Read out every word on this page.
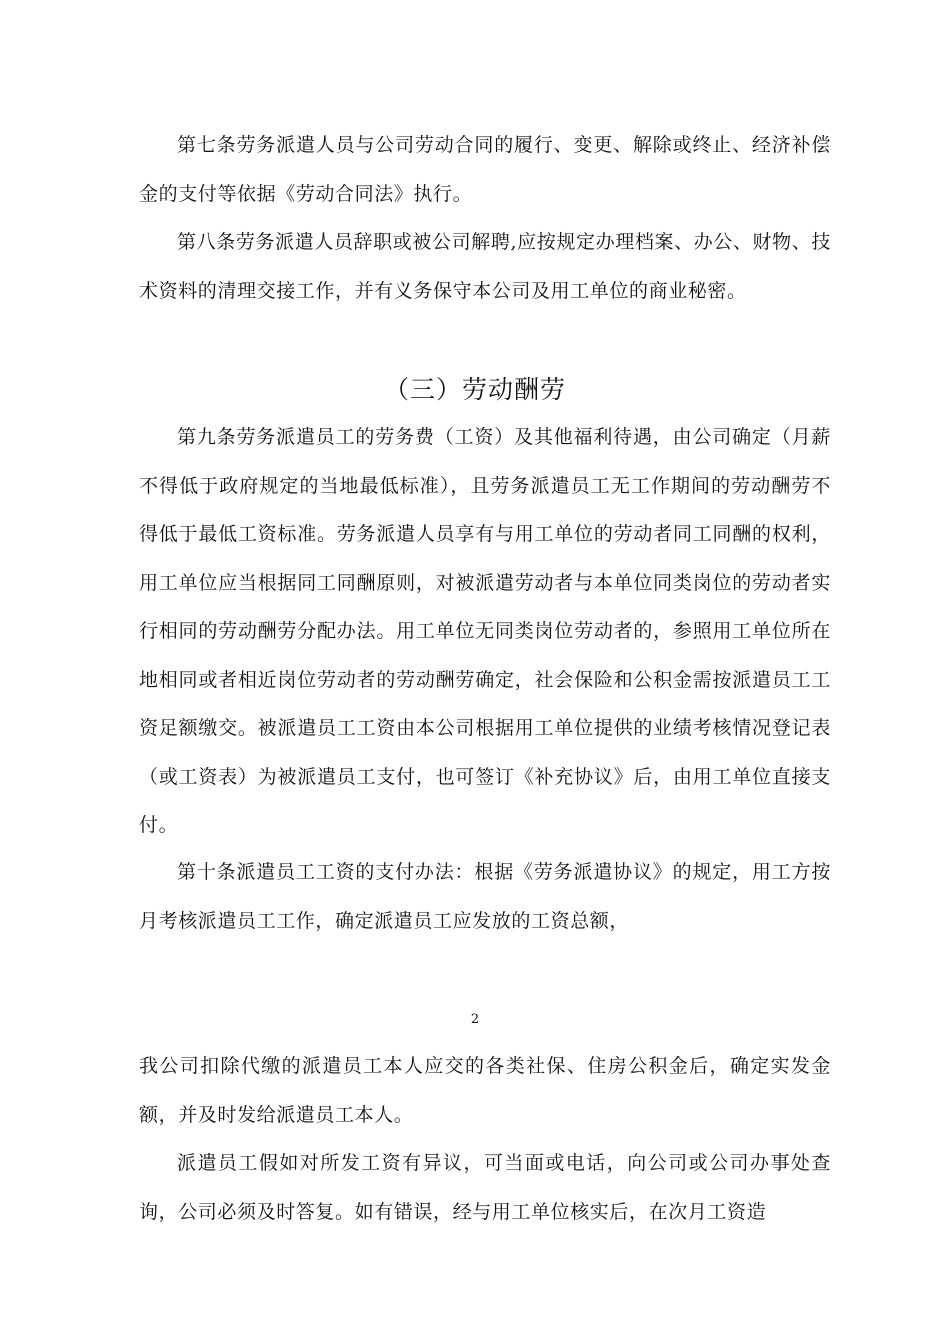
第七条劳务派遣人员与公司劳动合同的履行、变更、解除或终止、经济补偿金的支付等依据《劳动合同法》执行。

第八条劳务派遣人员辞职或被公司解聘,应按规定办理档案、办公、财物、技术资料的清理交接工作，并有义务保守本公司及用工单位的商业秘密。

（三）劳动酬劳

第九条劳务派遣员工的劳务费（工资）及其他福利待遇，由公司确定（月薪不得低于政府规定的当地最低标准），且劳务派遣员工无工作期间的劳动酬劳不得低于最低工资标准。劳务派遣人员享有与用工单位的劳动者同工同酬的权利，用工单位应当根据同工同酬原则，对被派遣劳动者与本单位同类岗位的劳动者实行相同的劳动酬劳分配办法。用工单位无同类岗位劳动者的，参照用工单位所在地相同或者相近岗位劳动者的劳动酬劳确定，社会保险和公积金需按派遣员工工资足额缴交。被派遣员工工资由本公司根据用工单位提供的业绩考核情况登记表（或工资表）为被派遣员工支付，也可签订《补充协议》后，由用工单位直接支付。

第十条派遣员工工资的支付办法：根据《劳务派遣协议》的规定，用工方按月考核派遣员工工作，确定派遣员工应发放的工资总额，

2

我公司扣除代缴的派遣员工本人应交的各类社保、住房公积金后，确定实发金额，并及时发给派遣员工本人。

派遣员工假如对所发工资有异议，可当面或电话，向公司或公司办事处查询，公司必须及时答复。如有错误，经与用工单位核实后，在次月工资造
